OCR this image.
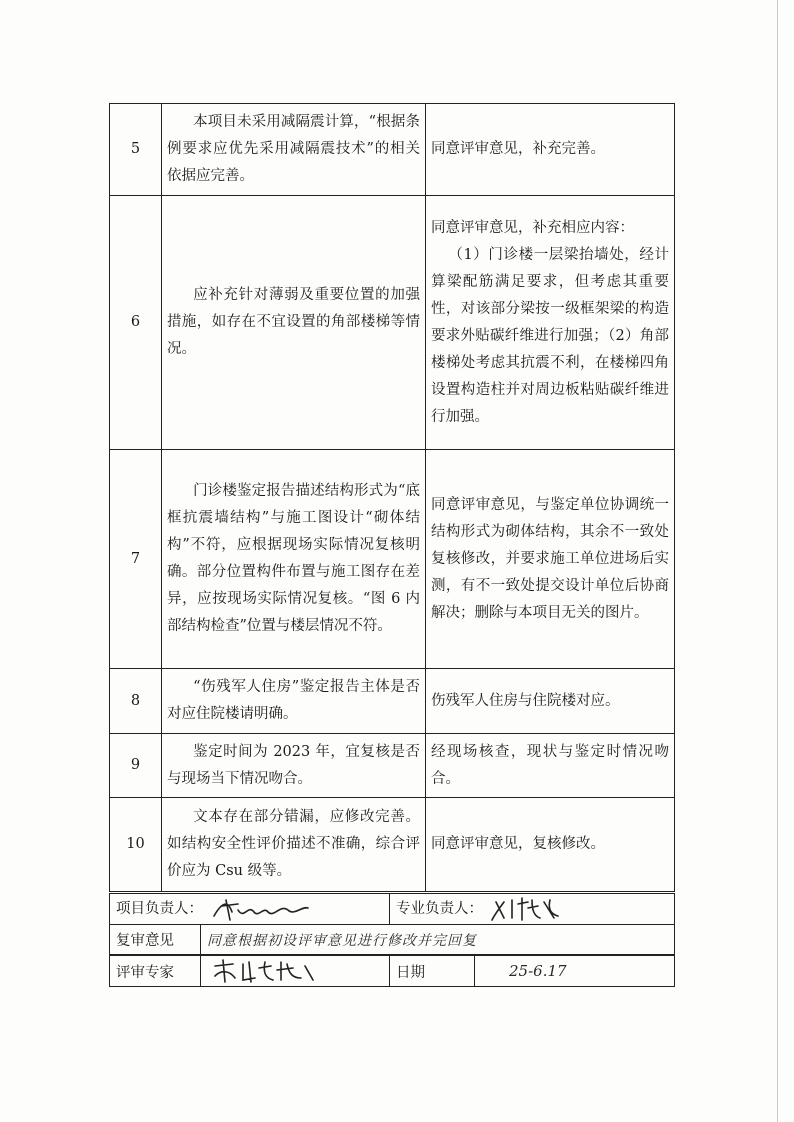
5	本项目未采用减隔震计算，“根据条例要求应优先采用减隔震技术”的相关依据应完善。	同意评审意见，补充完善。
6	应补充针对薄弱及重要位置的加强措施，如存在不宜设置的角部楼梯等情况。	同意评审意见，补充相应内容：
（1）门诊楼一层梁抬墙处，经计算梁配筋满足要求，但考虑其重要性，对该部分梁按一级框架梁的构造要求外贴碳纤维进行加强；（2）角部楼梯处考虑其抗震不利，在楼梯四角设置构造柱并对周边板粘贴碳纤维进行加强。

7	门诊楼鉴定报告描述结构形式为“底框抗震墙结构”与施工图设计“砌体结构”不符，应根据现场实际情况复核明确。部分位置构件布置与施工图存在差异，应按现场实际情况复核。“图 6 内部结构检查”位置与楼层情况不符。	同意评审意见，与鉴定单位协调统一结构形式为砌体结构，其余不一致处复核修改，并要求施工单位进场后实测，有不一致处提交设计单位后协商解决；删除与本项目无关的图片。
8	“伤残军人住房”鉴定报告主体是否对应住院楼请明确。	伤残军人住房与住院楼对应。
9	鉴定时间为 2023 年，宜复核是否与现场当下情况吻合。	经现场核查，现状与鉴定时情况吻合。
10	文本存在部分错漏，应修改完善。如结构安全性评价描述不准确，综合评价应为 Csu 级等。	同意评审意见，复核修改。
项目负责人：	专业负责人：
复审意见	同意根据初设评审意见进行修改并完回复
评审专家		日期	25-6.17
